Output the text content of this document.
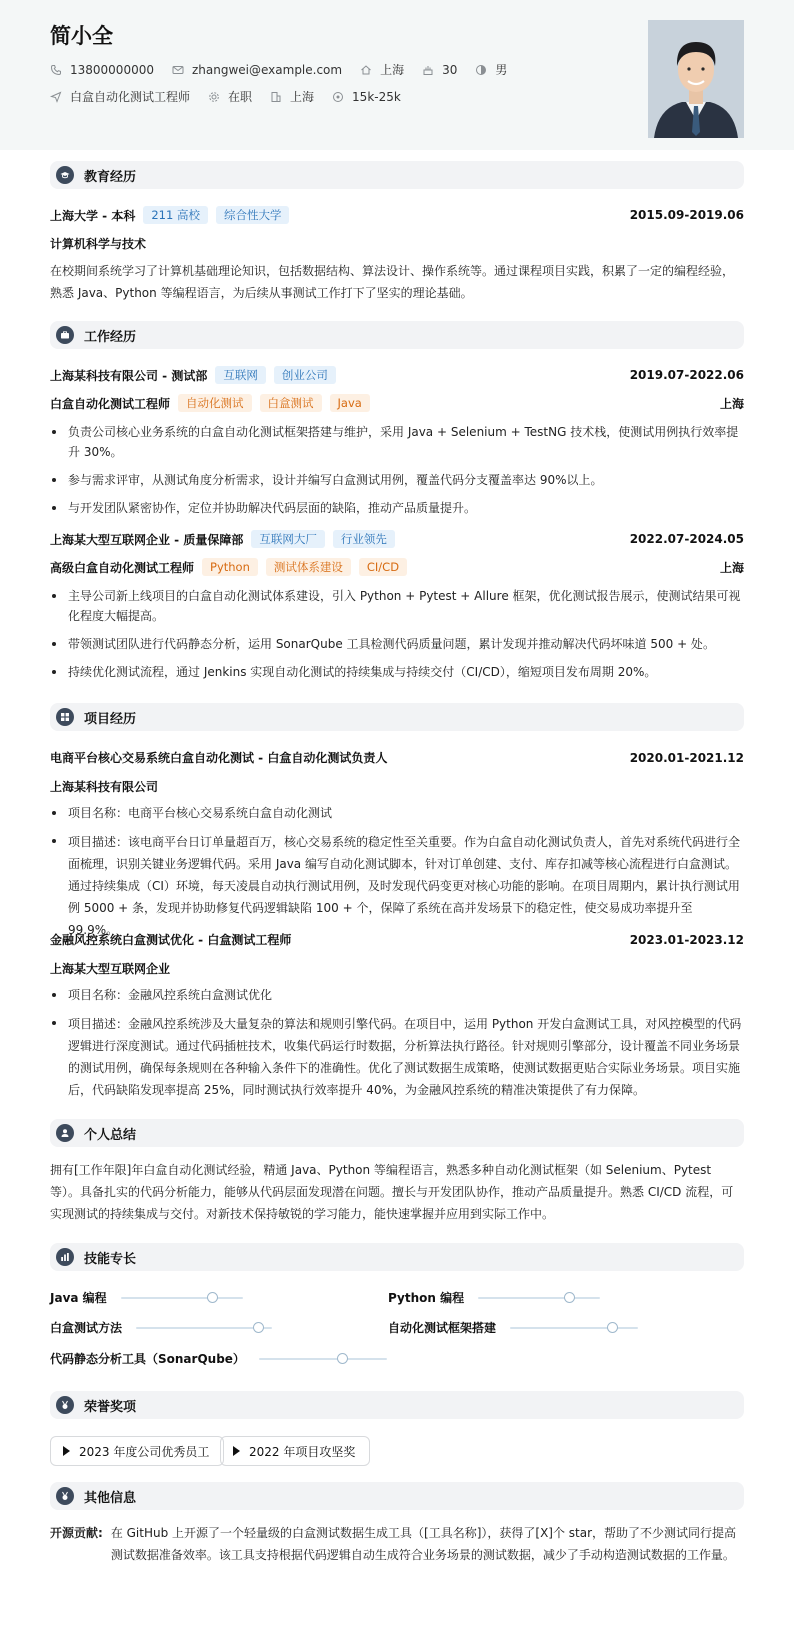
简小全
13800000000	zhangwei@example.com	上海	30	男
白盒自动化测试工程师	在职	上海	15k-25k
教育经历
上海大学 - 本科	211 高校	综合性大学	2015.09-2019.06
计算机科学与技术
在校期间系统学习了计算机基础理论知识，包括数据结构、算法设计、操作系统等。通过课程项目实践，积累了一定的编程经验，熟悉 Java、Python 等编程语言，为后续从事测试工作打下了坚实的理论基础。
工作经历
上海某科技有限公司 - 测试部	互联网	创业公司	2019.07-2022.06
白盒自动化测试工程师	自动化测试	白盒测试	Java	上海
负责公司核心业务系统的白盒自动化测试框架搭建与维护，采用 Java + Selenium + TestNG 技术栈，使测试用例执行效率提升 30%。
参与需求评审，从测试角度分析需求，设计并编写白盒测试用例，覆盖代码分支覆盖率达 90%以上。
与开发团队紧密协作，定位并协助解决代码层面的缺陷，推动产品质量提升。
上海某大型互联网企业 - 质量保障部	互联网大厂	行业领先	2022.07-2024.05
高级白盒自动化测试工程师	Python	测试体系建设	CI/CD	上海
主导公司新上线项目的白盒自动化测试体系建设，引入 Python + Pytest + Allure 框架，优化测试报告展示，使测试结果可视化程度大幅提高。
带领测试团队进行代码静态分析，运用 SonarQube 工具检测代码质量问题，累计发现并推动解决代码坏味道 500 + 处。
持续优化测试流程，通过 Jenkins 实现自动化测试的持续集成与持续交付（CI/CD），缩短项目发布周期 20%。
项目经历
电商平台核心交易系统白盒自动化测试 - 白盒自动化测试负责人	2020.01-2021.12
上海某科技有限公司
项目名称：电商平台核心交易系统白盒自动化测试
项目描述：该电商平台日订单量超百万，核心交易系统的稳定性至关重要。作为白盒自动化测试负责人，首先对系统代码进行全面梳理，识别关键业务逻辑代码。采用 Java 编写自动化测试脚本，针对订单创建、支付、库存扣减等核心流程进行白盒测试。通过持续集成（CI）环境，每天凌晨自动执行测试用例，及时发现代码变更对核心功能的影响。在项目周期内，累计执行测试用例 5000 + 条，发现并协助修复代码逻辑缺陷 100 + 个，保障了系统在高并发场景下的稳定性，使交易成功率提升至 99.9%。
金融风控系统白盒测试优化 - 白盒测试工程师	2023.01-2023.12
上海某大型互联网企业
项目名称：金融风控系统白盒测试优化
项目描述：金融风控系统涉及大量复杂的算法和规则引擎代码。在项目中，运用 Python 开发白盒测试工具，对风控模型的代码逻辑进行深度测试。通过代码插桩技术，收集代码运行时数据，分析算法执行路径。针对规则引擎部分，设计覆盖不同业务场景的测试用例，确保每条规则在各种输入条件下的准确性。优化了测试数据生成策略，使测试数据更贴合实际业务场景。项目实施后，代码缺陷发现率提高 25%，同时测试执行效率提升 40%，为金融风控系统的精准决策提供了有力保障。
个人总结
拥有[工作年限]年白盒自动化测试经验，精通 Java、Python 等编程语言，熟悉多种自动化测试框架（如 Selenium、Pytest 等）。具备扎实的代码分析能力，能够从代码层面发现潜在问题。擅长与开发团队协作，推动产品质量提升。熟悉 CI/CD 流程，可实现测试的持续集成与交付。对新技术保持敏锐的学习能力，能快速掌握并应用到实际工作中。
技能专长
Java 编程	Python 编程
白盒测试方法	自动化测试框架搭建
代码静态分析工具（SonarQube）
荣誉奖项
2023 年度公司优秀员工	2022 年项目攻坚奖
其他信息
开源贡献: 在 GitHub 上开源了一个轻量级的白盒测试数据生成工具（[工具名称]），获得了[X]个 star，帮助了不少测试同行提高测试数据准备效率。该工具支持根据代码逻辑自动生成符合业务场景的测试数据，减少了手动构造测试数据的工作量。
